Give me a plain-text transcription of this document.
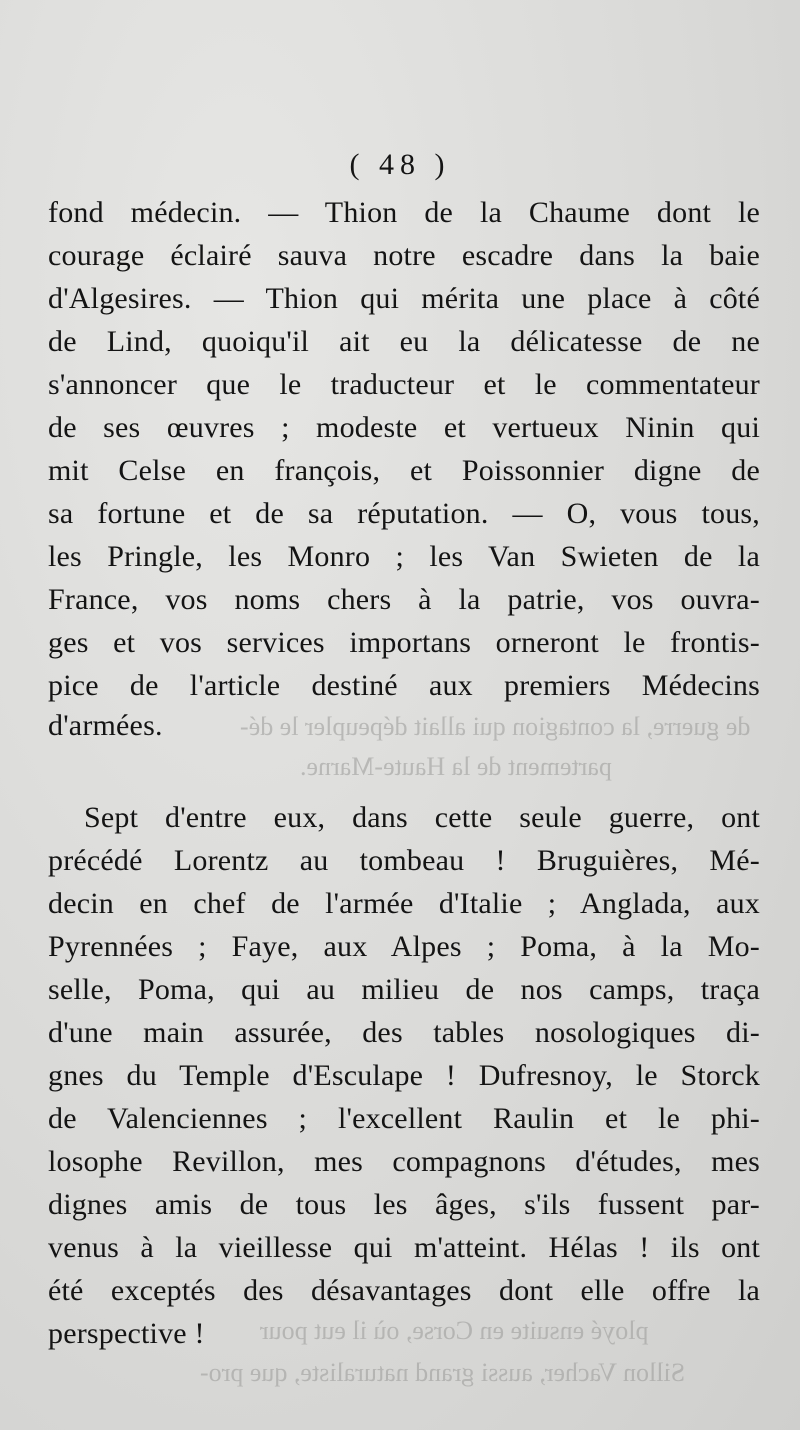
de guerre, la contagion qui allait dépeupler le dé-
partement de la Haute-Marne.
ployé ensuite en Corse, où il eut pour
Sillon Vacher, aussi grand naturaliste, que pro-
( 48 )
fond médecin. — Thion de la Chaume dont le
courage éclairé sauva notre escadre dans la baie
d'Algesires. — Thion qui mérita une place à côté
de Lind, quoiqu'il ait eu la délicatesse de ne
s'annoncer que le traducteur et le commentateur
de ses œuvres ; modeste et vertueux Ninin qui
mit Celse en françois, et Poissonnier digne de
sa fortune et de sa réputation. — O, vous tous,
les Pringle, les Monro ; les Van Swieten de la
France, vos noms chers à la patrie, vos ouvra-
ges et vos services importans orneront le frontis-
pice de l'article destiné aux premiers Médecins
d'armées.
Sept d'entre eux, dans cette seule guerre, ont
précédé Lorentz au tombeau ! Bruguières, Mé-
decin en chef de l'armée d'Italie ; Anglada, aux
Pyrennées ; Faye, aux Alpes ; Poma, à la Mo-
selle, Poma, qui au milieu de nos camps, traça
d'une main assurée, des tables nosologiques di-
gnes du Temple d'Esculape ! Dufresnoy, le Storck
de Valenciennes ; l'excellent Raulin et le phi-
losophe Revillon, mes compagnons d'études, mes
dignes amis de tous les âges, s'ils fussent par-
venus à la vieillesse qui m'atteint. Hélas ! ils ont
été exceptés des désavantages dont elle offre la
perspective !
